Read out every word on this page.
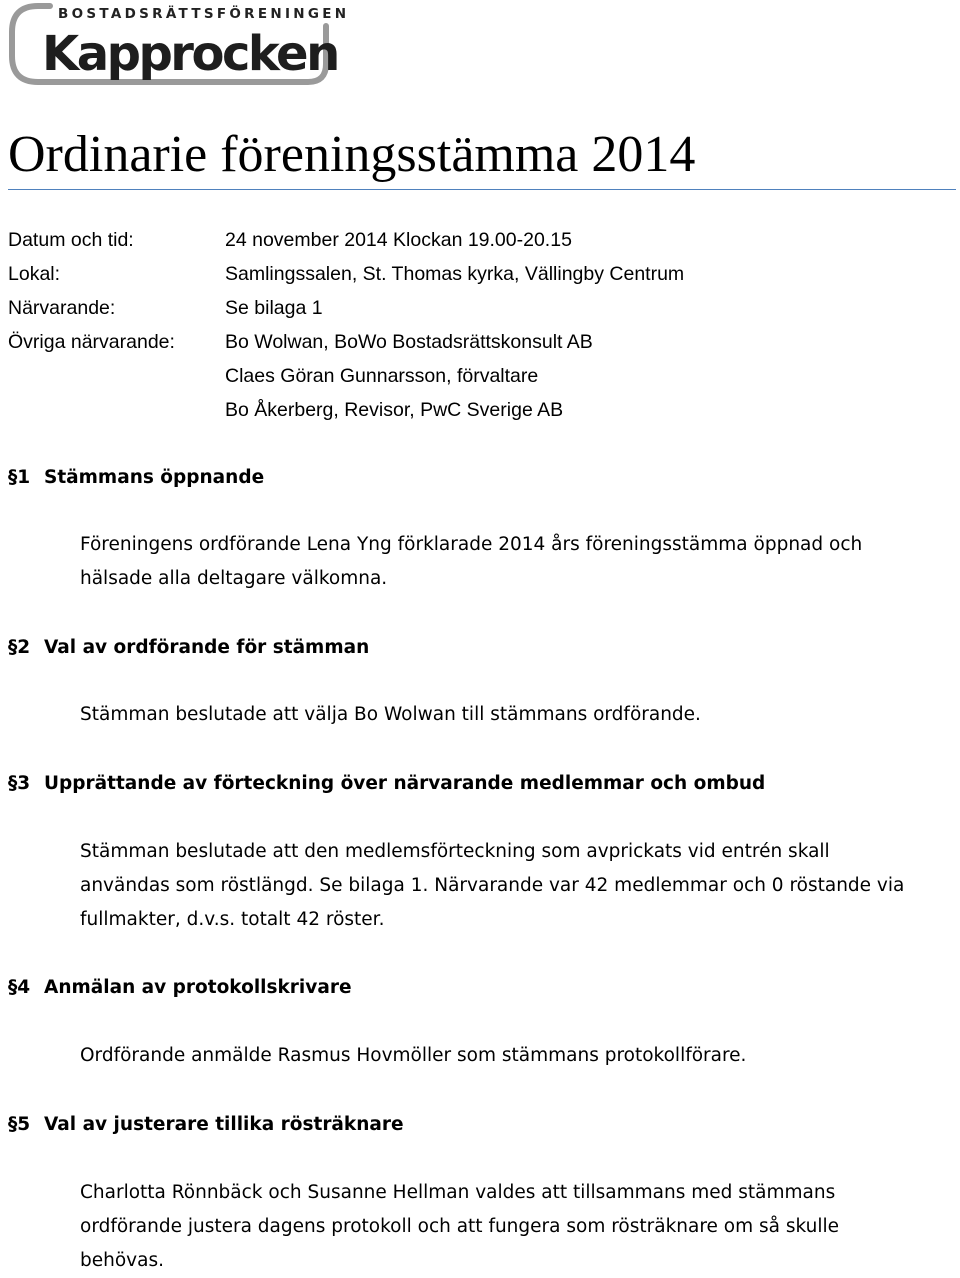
BOSTADSRÄTTSFÖRENINGEN
Kapprocken
Ordinarie föreningsstämma 2014
Datum och tid:	24 november 2014 Klockan 19.00-20.15
Lokal:	Samlingssalen, St. Thomas kyrka, Vällingby Centrum
Närvarande:	Se bilaga 1
Övriga närvarande:	Bo Wolwan, BoWo Bostadsrättskonsult AB
Claes Göran Gunnarsson, förvaltare
Bo Åkerberg, Revisor, PwC Sverige AB
§1 Stämmans öppnande
Föreningens ordförande Lena Yng förklarade 2014 års föreningsstämma öppnad och
hälsade alla deltagare välkomna.
§2 Val av ordförande för stämman
Stämman beslutade att välja Bo Wolwan till stämmans ordförande.
§3 Upprättande av förteckning över närvarande medlemmar och ombud
Stämman beslutade att den medlemsförteckning som avprickats vid entrén skall
användas som röstlängd. Se bilaga 1. Närvarande var 42 medlemmar och 0 röstande via
fullmakter, d.v.s. totalt 42 röster.
§4 Anmälan av protokollskrivare
Ordförande anmälde Rasmus Hovmöller som stämmans protokollförare.
§5 Val av justerare tillika rösträknare
Charlotta Rönnbäck och Susanne Hellman valdes att tillsammans med stämmans
ordförande justera dagens protokoll och att fungera som rösträknare om så skulle
behövas.
